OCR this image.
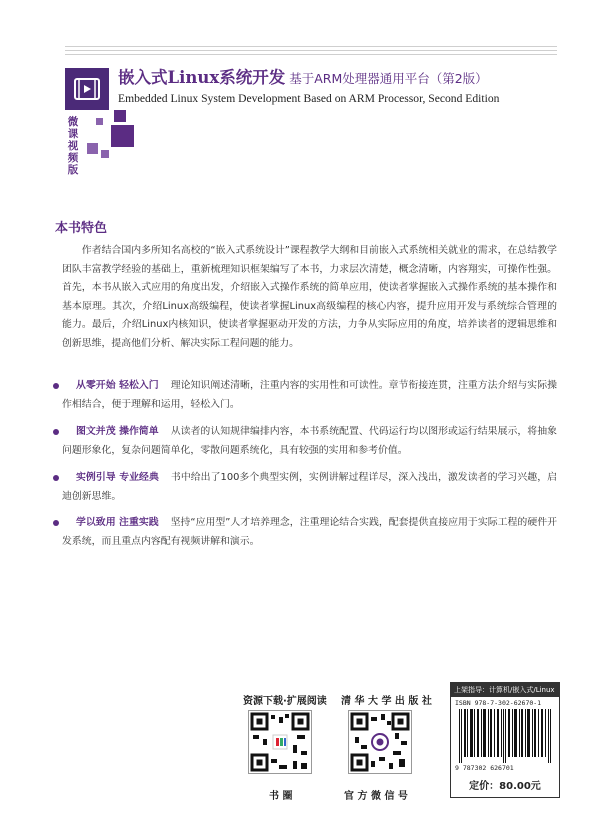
微课视频版
嵌入式Linux系统开发 基于ARM处理器通用平台（第2版）
Embedded Linux System Development Based on ARM Processor, Second Edition
本书特色

作者结合国内多所知名高校的“嵌入式系统设计”课程教学大纲和目前嵌入式系统相关就业的需求，在总结教学团队丰富教学经验的基础上，重新梳理知识框架编写了本书，力求层次清楚，概念清晰，内容翔实，可操作性强。首先，本书从嵌入式应用的角度出发，介绍嵌入式操作系统的简单应用，使读者掌握嵌入式操作系统的基本操作和基本原理。其次，介绍Linux高级编程，使读者掌握Linux高级编程的核心内容，提升应用开发与系统综合管理的能力。最后，介绍Linux内核知识，使读者掌握驱动开发的方法，力争从实际应用的角度，培养读者的逻辑思维和创新思维，提高他们分析、解决实际工程问题的能力。

从零开始 轻松入门 理论知识阐述清晰，注重内容的实用性和可读性。章节衔接连贯，注重方法介绍与实际操作相结合，便于理解和运用，轻松入门。

图文并茂 操作简单 从读者的认知规律编排内容，本书系统配置、代码运行均以图形或运行结果展示，将抽象问题形象化，复杂问题简单化，零散问题系统化，具有较强的实用和参考价值。

实例引导 专业经典 书中给出了100多个典型实例，实例讲解过程详尽，深入浅出，激发读者的学习兴趣，启迪创新思维。

学以致用 注重实践 坚持“应用型”人才培养理念，注重理论结合实践，配套提供直接应用于实际工程的硬件开发系统，而且重点内容配有视频讲解和演示。

资源下载·扩展阅读
书 圈
清 华 大 学 出 版 社
官 方 微 信 号
上架指导：计算机/嵌入式/Linux
ISBN 978-7-302-62670-1
9 787302 626701
定价：80.00元
